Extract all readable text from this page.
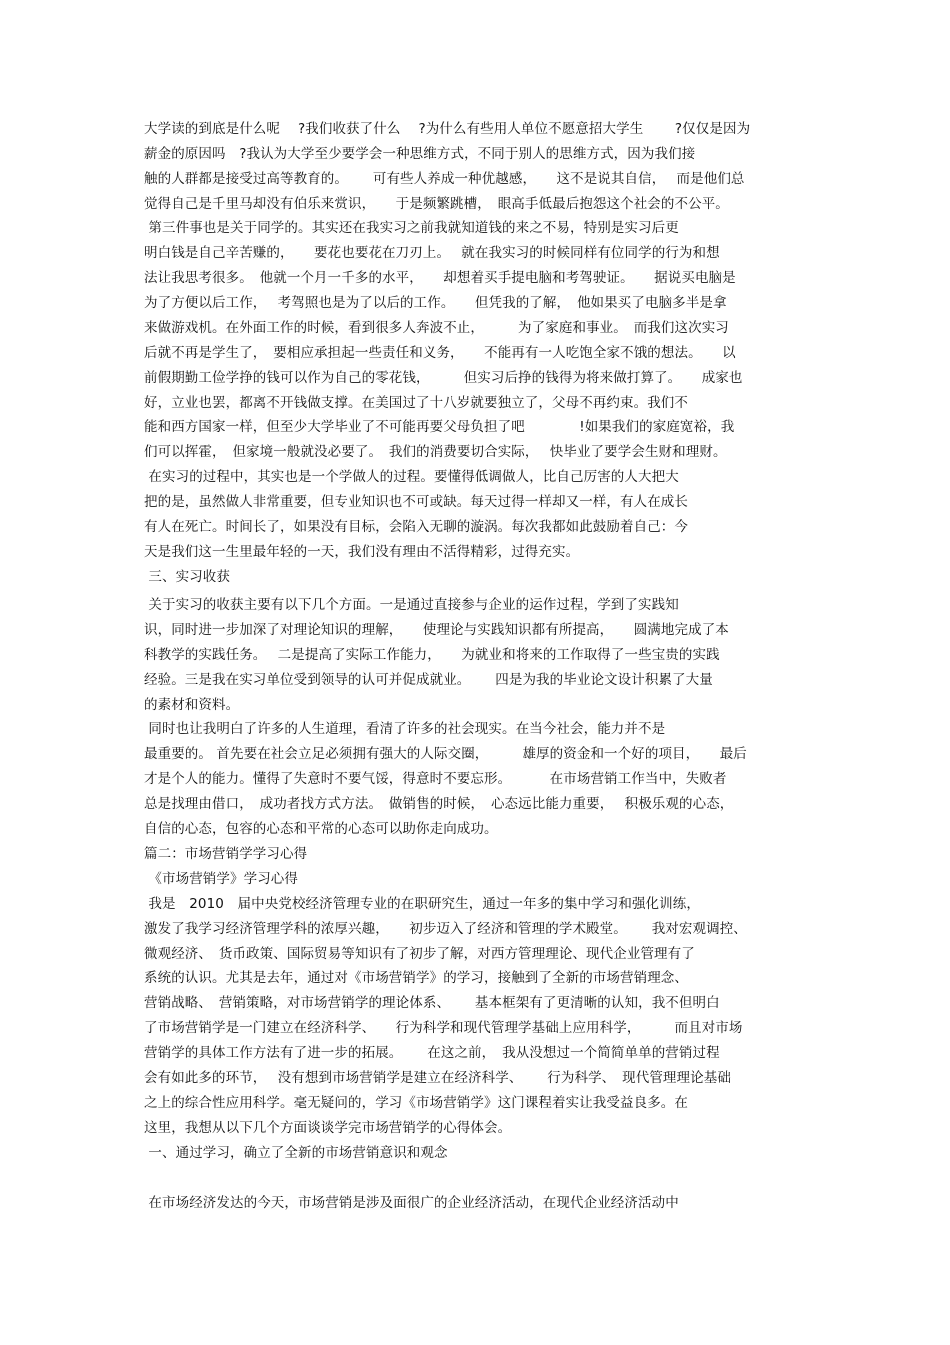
大学读的到底是什么呢　 ?我们收获了什么　 ?为什么有些用人单位不愿意招大学生　　 ?仅仅是因为
薪金的原因吗　?我认为大学至少要学会一种思维方式，不同于别人的思维方式，因为我们接
触的人群都是接受过高等教育的。　　 可有些人养成一种优越感，　　这不是说其自信，　 而是他们总
觉得自己是千里马却没有伯乐来赏识，　　于是频繁跳槽，　眼高手低最后抱怨这个社会的不公平。
第三件事也是关于同学的。其实还在我实习之前我就知道钱的来之不易，特别是实习后更
明白钱是自己辛苦赚的，　　要花也要花在刀刃上。　 就在我实习的时候同样有位同学的行为和想
法让我思考很多。　他就一个月一千多的水平，　　却想着买手提电脑和考驾驶证。　　据说买电脑是
为了方便以后工作，　 考驾照也是为了以后的工作。　　但凭我的了解，　他如果买了电脑多半是拿
来做游戏机。在外面工作的时候，看到很多人奔波不止，　　　为了家庭和事业。　而我们这次实习
后就不再是学生了，　要相应承担起一些责任和义务，　　不能再有一人吃饱全家不饿的想法。　　以
前假期勤工俭学挣的钱可以作为自己的零花钱，　　　但实习后挣的钱得为将来做打算了。　　成家也
好，立业也罢，都离不开钱做支撑。在美国过了十八岁就要独立了，父母不再约束。我们不
能和西方国家一样，但至少大学毕业了不可能再要父母负担了吧　　　　!如果我们的家庭宽裕，我
们可以挥霍，　但家境一般就没必要了。　我们的消费要切合实际，　 快毕业了要学会生财和理财。
在实习的过程中，其实也是一个学做人的过程。要懂得低调做人，比自己厉害的人大把大
把的是，虽然做人非常重要，但专业知识也不可或缺。每天过得一样却又一样，有人在成长
有人在死亡。时间长了，如果没有目标，会陷入无聊的漩涡。每次我都如此鼓励着自己：今
天是我们这一生里最年轻的一天，我们没有理由不活得精彩，过得充实。
三、实习收获
关于实习的收获主要有以下几个方面。一是通过直接参与企业的运作过程，学到了实践知
识，同时进一步加深了对理论知识的理解，　　使理论与实践知识都有所提高，　　圆满地完成了本
科教学的实践任务。　 二是提高了实际工作能力，　　为就业和将来的工作取得了一些宝贵的实践
经验。三是我在实习单位受到领导的认可并促成就业。　　 四是为我的毕业论文设计积累了大量
的素材和资料。
同时也让我明白了许多的人生道理，看清了许多的社会现实。在当今社会，能力并不是
最重要的。 首先要在社会立足必须拥有强大的人际交圈，　　　雄厚的资金和一个好的项目，　　最后
才是个人的能力。懂得了失意时不要气馁，得意时不要忘形。　　　 在市场营销工作当中，失败者
总是找理由借口，　成功者找方式方法。　做销售的时候，　心态远比能力重要，　 积极乐观的心态，
自信的心态，包容的心态和平常的心态可以助你走向成功。
篇二：市场营销学学习心得
《市场营销学》学习心得
我是　2010　届中央党校经济管理专业的在职研究生，通过一年多的集中学习和强化训练，
激发了我学习经济管理学科的浓厚兴趣，　　初步迈入了经济和管理的学术殿堂。　　 我对宏观调控、
微观经济、　货币政策、国际贸易等知识有了初步了解，对西方管理理论、现代企业管理有了
系统的认识。尤其是去年，通过对《市场营销学》的学习，接触到了全新的市场营销理念、
营销战略、　营销策略，对市场营销学的理论体系、　　 基本框架有了更清晰的认知，我不但明白
了市场营销学是一门建立在经济科学、　　行为科学和现代管理学基础上应用科学，　　　而且对市场
营销学的具体工作方法有了进一步的拓展。　　 在这之前，　我从没想过一个简简单单的营销过程
会有如此多的环节，　 没有想到市场营销学是建立在经济科学、　　 行为科学、　现代管理理论基础
之上的综合性应用科学。毫无疑问的，学习《市场营销学》这门课程着实让我受益良多。在
这里，我想从以下几个方面谈谈学完市场营销学的心得体会。
一、通过学习，确立了全新的市场营销意识和观念
在市场经济发达的今天，市场营销是涉及面很广的企业经济活动，在现代企业经济活动中
